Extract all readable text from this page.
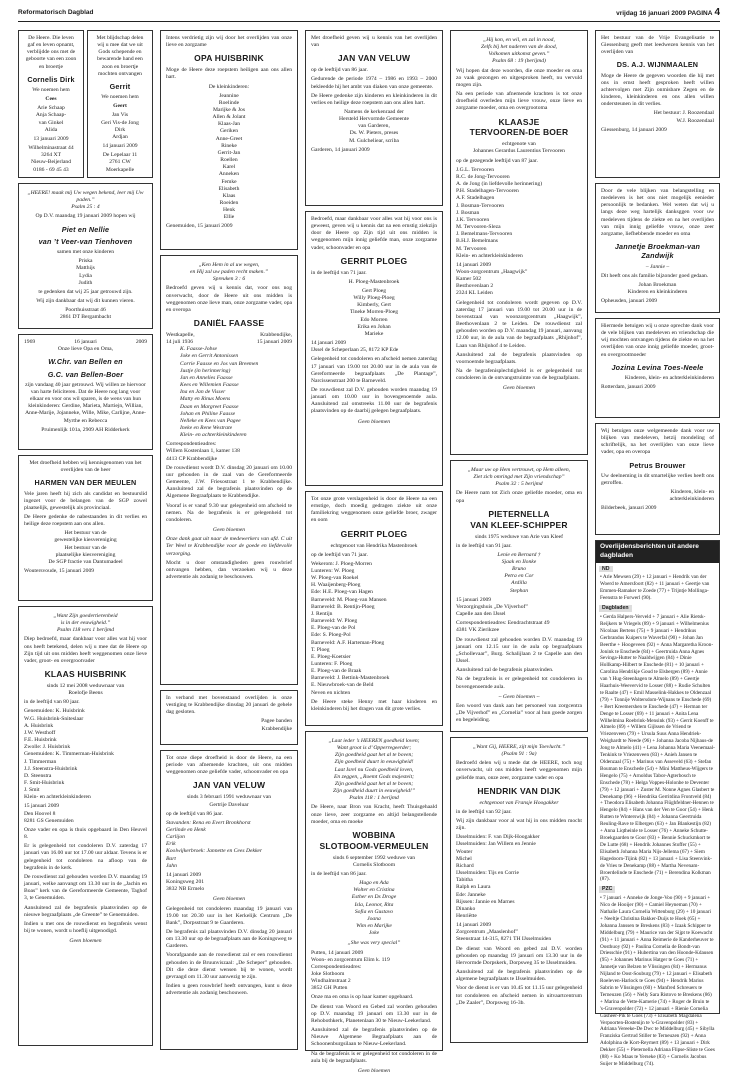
Reformatorisch Dagblad	vrijdag 16 januari 2009 PAGINA 4

De Heere. Die leven gaf en leven opnamt, verblijdde ons met de geboorte van een zoon en broertje

Cornelis Dirk

We noemen hem

Cees

Arie Schaap
Anja Schaap-
van Ginkel
Alida

13 januari 2009

Wilhelminastraat 44
3264 XT
Nieuw-Beijerland
0186 - 69 45 43

Met blijdschap delen wij u mee dat we uit Gods schepende en bewarende hand een zoon en broertje mochten ontvangen

Gerrit

We noemen hem

Geert

Jan Vis
Geri Vis-de Jong
Dirk
Ardjan

14 januari 2009

De Lepelaar 11
2761 CW
Moerkapelle

„HEERE! maak mij Uw wegen bekend, leer mij Uw paden.”
Psalm 25 : 4

Op D.V. maandag 19 januari 2009 hopen wij

Piet en Nellie
van ’t Veer-van Tienhoven

samen met onze kinderen

Priska
Matthijs
Lydia
Judith

te gedenken dat wij 25 jaar getrouwd zijn.

Wij zijn dankbaar dat wij dit kunnen vieren.

Poorthuisstraat 46
2861 DT Bergambacht

1969	16 januari	2009

Onze lieve Opa en Oma,

W.Chr. van Bellen en
G.C. van Bellen-Boer

zijn vandaag 40 jaar getrouwd. Wij willen ze hiervoor van harte feliciteren. Dat de Heere nog lang voor elkaar en voor ons wil sparen, is de wens van hun kleinkinderen: Gerdine, Marieta, Martiejn, Willian, Anne-Marije, Jojanneke, Wille, Mike, Carlijne, Anne-Myrthe en Rebecca

Pruimenlijk 101a, 2909 AH Ridderkerk

Met droefheid hebben wij kennisgenomen van het overlijden van de heer

HARMEN VAN DER MEULEN

Vele jaren heeft hij zich als candidat en bestuurslid ingezet voor de belangen van de SGP zowel plaatselijk, gewestelijk als provinciaal.

De Heere gedenke de nabestaanden in dit verlies en heilige deze roepstem aan ons allen.

Het bestuur van de
gewestelijke kiesvereniging
Het bestuur van de
plaatselijke kiesvereniging
De SGP fractie van Dantumadeel

Woutersvoude, 15 januari 2009

„Want Zijn goedertierenheid
is in der eeuwigheid.”
Psalm 118 vers 1 berijmd

Diep bedroefd, maar dankbaar voor alles wat hij voor ons heeft betekend, delen wij u mee dat de Heere op Zijn tijd uit ons midden heeft weggenomen onze lieve vader, groot- en overgrootvader

KLAAS HUISBRINK

sinds 12 mei 2008 weduwnaar van
Roelofje Beens

in de leeftijd van 80 jaar.

Genemuiden: K. Huisbrink
W.G. Huisbrink-Sniteslaar
A. Huisbrink
J.W. Westhoff
F.E. Huisbrink
Zwolle: J. Huisbrink
Genemuiden: K. Timmerman-Huisbrink
J. Timmerman
J.J. Steenstra-Huisbrink
D. Steenstra
F. Smit-Huisbrink
J. Smit
Klein- en achterkleinkinderen

15 januari 2009
Den Hoovel 8
8281 GS Genemuiden

Onze vader en opa is thuis opgebaard in Den Heuvel 8.

Er is gelegenheid tot condoleren D.V. zaterdag 17 januari van 16.00 uur tot 17.00 uur aldaar. Tevens is er gelegenheid tot condoleren na afloop van de begrafenis in de kerk.

De rouwdienst zal gehouden worden D.V. maandag 19 januari, welke aanvangt om 13.30 uur in de „Jachin en Boas” kerk van de Gereformeerde Gemeente, Taghof 3, te Genemuiden.

Aansluitend zal de begrafenis plaatsvinden op de nieuwe begraafplaats „de Greente” te Genemuiden.

Indien u met ons de rouwdienst en begrafenis wenst bij te wonen, wordt u hoeflij uitgenodigd.

Geen bloemen

Intens verdrietig zijn wij door het overlijden van onze lieve en zorgzame

OPA HUISBRINK

Moge de Heere deze roepstem heiligen aan ons allen hart.

De kleinkinderen:

Jeannine
Roelinde
Marijke & Jos
Allen & Jolant
Klaas-Jan
Geriken
Anne-Greet
Rineke
Gerrit-Jan
Roellen
Karel
Anneken
Femke
Elisabeth
Klaas
Roeiden
Henk
Ellie

Genemuiden, 15 januari 2009

„Ken Hem in al uw wegen,
en Hij zal uw paden recht maken.”
Spreuken 3 : 6

Bedroefd geven wij u kennis dat, voor ons nog onverwacht, door de Heere uit ons midden is weggenomen onze lieve man, onze zorgzame vader, opa en overopa

DANIËL FAASSE
Westkapelle,
14 juli 1936
Krabbendijke,
15 januari 2009

K. Faasse-Jobse
Joke en Gerrit Antonissen
Corrie Faasse en Jos van Breemen
Justje (in herinnering)
Jan en Annelies Faasse
Kees en Willemien Faasse
Ina en Jan de Visser
Matty en Rinus Moens
Daan en Margreet Faasse
Johan en Philine Faasse
Nelleke en Kees van Pagee
Ineke en Rene Westrate
Klein- en achterkleinkinderen

Correspondentieadres:
Willem Kostenlaan 1, kamer 138
4413 CP Krabbendijke

De rouwdienst wordt D.V. dinsdag 20 januari om 10.00 uur gehouden in de zaal van de Gereformeerde Gemeente, J.W. Friesostraat 1 te Krabbendijke. Aansluitend zal de begrafenis plaatsvinden op de Algemene Begraafplaats te Krabbendijke.

Vooraf is er vanaf 9.30 uur gelegenheid om afscheid te nemen. Na de begrafenis is er gelegenheid tot condoleren.

Geen bloemen

Onze dank gaat uit naar de medewerkers van afd. C uit Ter Weel te Krabbendijke voor de goede en liefdevolle verzorging.

Mocht u door omstandigheden geen rouwbrief ontvangen hebben, dan verzoeken wij u deze advertentie als zodanig te beschouwen.

In verband met bovenstaand overlijden is onze vestiging te Krabbendijke dinsdag 20 januari de gehele dag gesloten.

Pagee banden
Krabbendijke

Tot onze diepe droefheid is door de Heere, na een periode van afnemende krachten, uit ons midden weggenomen onze geliefde vader, schoonvader en opa

JAN VAN VELUW

sinds 3 februari 1991 weduwnaar van
Gertrije Daveluar

op de leeftijd van 86 jaar.

Stavanden: Rena en Evert Bronkhorst
Gerlinde en Henk
Carlijon
Erik
Koolwijkerbroek: Jannette en Cees Dekker
Bart
Jahn

14 januari 2009
Koningsweg 201
3832 NB Ermelo

Geen bloemen

Gelegenheid tot condoleren maandag 19 januari van 19.00 tot 20.30 uur in het Kerkelijk Centrum „De Bank”, Dorpsstraat 9 te Gaarderen.

De begrafenis zal plaatsvinden D.V. dinsdag 20 januari om 13.30 uur op de begraafplaats aan de Koningsweg te Garderen.

Voorafgaande aan de rouwdienst zal er een rouwdienst gehouden in de Bruunviszaal: „De Scheper” gehouden. Dit die deze dienst wensen bij te wonen, wordt gevraagd om 11.30 uur aanwezig te zijn.

Indien u geen rouwbrief heeft ontvangen, kunt u deze advertentie als zodanig beschouwen.

Met droefheid geven wij u kennis van het overlijden van

JAN VAN VELUW

op de leeftijd van 86 jaar.

Gedurende de periode 1974 – 1986 en 1993 – 2000 bekleedde hij het ambt van diaken van onze gemeente.

De Heere gedenke zijn kinderen en kleinkinderen in dit verlies en heilige deze roepstem aan ons allen hart.

Namens de kerkenraad der
Hersteld Hervormde Gemeente
van Garderen,
Ds. W. Pieters, preses
M. Gulcheliear, scriba

Garderen, 14 januari 2009

Bedroefd, maar dankbaar voor alles wat hij voor ons is geweest, geven wij u kennis dat na een ernstig ziekzijn door de Heere op Zijn tijd uit ons midden is weggenomen mijn innig geliefde man, onze zorgzame vader, schoonvader en opa

GERRIT PLOEG

in de leeftijd van 71 jaar.

H. Ploeg-Mastenbroek

Gert Ploeg
Willy Ploeg-Ploeg
Kimberly, Gert
Tineke Morren-Ploeg
Edo Morren
Erika en Johan
Marieke

14 januari 2009
IJssel de Scheperlaan 25, 8172 KP Ede

Gelegenheid tot condoleren en afscheid nemen zaterdag 17 januari van 19.00 tot 20.00 uur in de aula van de Gereformeerde begraafplaats „De Plantage”, Narcissenstraat 200 te Barneveld.

De rouwdienst zal D.V. gehouden worden maandag 19 januari om 10.00 uur in bovengenoemde aula. Aansluitend zal omstreeks 11.00 uur de begrafenis plaatsvinden op de daarbij gelegen begraafplaats.

Geen bloemen

Tot onze grote verslagenheid is door de Heere na een ernstige, doch moedig gedragen ziekte uit onze familiekring weggenomen onze geliefde broer, zwager en oom

GERRIT PLOEG

echtgenoot van Hendrika Mastenbroek

op de leeftijd van 71 jaar.

Wekerom: J. Ploeg-Morren
Lunteren: W. Ploeg
W. Ploeg-van Roekel
H. Waaijenberg-Ploeg
Ede: H.E. Ploeg-van Hagen
Barneveld: M. Ploeg-van Mansen
Barneveld: B. Rentijn-Ploeg
J. Rentijn
Barneveld: W. Ploeg
E. Ploeg-van de Pol
Ede: S. Ploeg-Pol
Barneveld: A.F. Harteman-Ploeg
T. Ploeg
E. Ploeg-Koetsier
Lunteren: F. Ploeg
E. Ploeg-van de Braak
Barneveld: J. Bettink-Mastenbroek
E. Nieuwbroek-van de Beld
Neven en nichten

De Heere steke Henny met haar kinderen en kleinkinderen bij het dragen van dit grote verlies.

„Laat ieder ’s HEEREN goedheid loven;
Want groot is d’ Opperregeerder;
Zijn goedheid gaat het al te boven;
Zijn goedheid duurt in eeuwigheid!
Laat Isrel nu Gods goedheid loven,
En zeggen, „Roemt Gods majesteit;
Zijn goedheid gaat het al te boven;
Zijn goedheid duurt in eeuwigheid!”
Psalm 118 : 1 berijmd

De Heere, naar Bron van Kracht, heeft Thuisgehaald onze lieve, zeer zorgzame en altijd belangstellende moeder, oma en moeke

WOBBINA
SLOTBOOM-VERMEULEN

sinds 6 september 1992 weduwe van
Cornelis Slotboom

in de leeftijd van 86 jaar.

Hugo en Ada
Wolter en Cristina
Esther en Ds Droge
Isla, Leonor, Rita
Sofia en Gustavo
Joana
Wim en Marijke
Joke

„She was very special”

Putten, 14 januari 2009
Woon- en zorgcentrum Elim k. 119
Correspondentieadres:
Joke Slotboom
Windhalmstraat 2
3852 GH Putten

Onze ma en oma is op haar kamer opgebaard.

De dienst van Woord en Gebed zal worden gehouden op D.V. maandag 19 januari om 13.30 uur in de Rehobothkerk, Planetenlaan 30 te Nieuw-Leekerland.

Aansluitend zal de begrafenis plaatsvinden op de Nieuwe Algemene Begraafplaats aan de Schoonenburgsilaan te Nieuw-Leekerland.

Na de begrafenis is er gelegenheid tot condoleren in de aula bij de begraafplaats.

Geen bloemen

„Hij kon, en wil, en zal in nood,
Zelfs bij het naderen van de dood,
Volkomen uitkomst geven.”
Psalm 68 : 19 (berijmd)

Wij hopen dat deze woorden, die onze moeder en oma zo vaak gezongen en uitgesproken heeft, nu vervuld mogen zijn.

Na een periode van afnemende krachten is tot onze droefheid overleden mijn lieve vrouw, onze lieve en zorgzame moeder, oma en overgrootoma

KLAASJE
TERVOOREN-DE BOER

echtgenote van
Johannes Gerardus Laurentius Tervooren

op de gezegende leeftijd van 87 jaar.

J.G.L. Tervooren
R.C. de Jong-Tervooren
A. de Jong (in liefdevolle herinnering)
P.H. Stadelhagen-Tervooren
A.F. Stadelhagen
J. Bosman-Tervooren
J. Bosman
J.K. Tervooren
M. Tervooren-Sleza
J. Bemelmans-Tervooren
B.H.J. Bemelmans
M. Tervooren
Klein- en achterkleinkinderen

14 januari 2009
Woon-zorgcentrum „Haagwijk”
Kamer 502
Besthovenlaan 2
2324 KL Leiden

Gelegenheid tot condoleren wordt gegeven op D.V. zaterdag 17 januari van 19.00 tot 20.00 uur in de bovenstzaal van woonzorgcentrum „Haagwijk”, Beethovenlaan 2 te Leiden. De rouwdienst zal gehouden worden op D.V. maandag 19 januari, aanvang 12.00 uur, in de aula van de begraafplaats „Rhijnhof”, Laan van Rhijnhof 4 te Leiden.

Aansluitend zal de begrafenis plaatsvinden op voornoemde begraafplaats.

Na de begrafenisplechtigheid is er gelegenheid tot condoleren in de ontvangstruimte van de begraafplaats.

Geen bloemen

„Maar uw op Hem vertrouwt, op Hem alleen,
Ziet zich omringd met Zijn vriendschap”
Psalm 32 : 5 berijmd

De Heere nam tot Zich onze geliefde moeder, oma en opa

PIETERNELLA
VAN KLEEF-SCHIPPER

sinds 1975 weduwe van Arie van Kleef

in de leeftijd van 91 jaar.

Lenie en Bernard †
Sjaak en Ilonke
Bruno
Petra en Cor
Ardilla
Stephan

15 januari 2009
Verzorgingshuis „De Vijverhof”
Capelle aan den IJssel

Correspondentieadres: Eendrachtstraat 49
4381 VK Zierikzee

De rouwdienst zal gehouden worden D.V. maandag 19 januari om 12.15 uur in de aula op begraafplaats „Schollevaar”, Burg. Schalijlaan 2 te Capelle aan den IJssel.

Aansluitend zal de begrafenis plaatsvinden.

Na de begrafenis is er gelegenheid tot condoleren in bovengenoemde aula.

~ Geen bloemen ~

Een woord van dank aan het personeel van zorgcentra „De Vijverhof” en „Cornelia” voor al hun goede zorgen en begeleiding.

„Want Gij, HEERE, zijt mijn Toevlucht.”
(Psalm 91 : 9a)

Bedroefd delen wij u mede dat de HEERE, toch nog onverwacht, uit ons midden heeft weggenomen mijn geliefde man, onze zeer, zorgzame vader en opa

HENDRIK VAN DIJK

echtgenoot van Fransje Hoogakker

in de leeftijd van 92 jaar.

Wij zijn dankbaar voor al wat hij in ons midden mocht zijn.

IJsselmuiden: F. van Dijk-Hoogakker
IJsselmuiden: Jan Willem en Jennie
Wouter
Michel
Richard
IJsselmuiden: Tijs en Corrie
Tabitha
Ralph en Laura
Ede: Janneke
Rijssen: Jannie en Marnes
Dinanko
Henriëtte

14 januari 2009
Zorgcentrum „Maaslenhof”
Steenstraat 14-315, 8271 TH IJsselmuiden

De dienst van Woord en gebed zal D.V. worden gehouden op maandag 19 januari om 13.30 uur in de Hervormde Dorpskerk, Dorpsweg 35 te IJsselmuiden.

Aansluitend zal de begrafenis plaatsvinden op de algemene begraafplaats te IJsselmuiden.

Voor de dienst is er van 10.45 tot 11.15 uur gelegenheid tot condoleren en afscheid nemen in uitvaartcentrum „De Zaaler”, Dorpsweg 16-3b.

Het bestuur van de Vrije Evangelisatie te Giessenburg geeft met leedwezen kennis van het overlijden van

DS. A.J. WIJNMAALEN

Moge de Heere de gegeven woorden die hij met ons in ernst heeft gesproken heeft willen achtervolgen met Zijn onmisbare Zegen en de kinderen, kleinkinderen en ons allen willen ondersteunen in dit verlies.

Het bestuur: J. Roozendaal
W.J. Roozendaal

Giessenburg, 14 januari 2009

Door de vele blijken van belangstelling en medeleven is het ons niet mogelijk eenieder persoonlijk te bedanken. Wel weten dat wij u langs deze weg hartelijk danksggen voor uw medeleven tijdens de ziekte en na het overlijden van mijn innig geliefde vrouw, onze zeer zorgzame, liefhebbende moeder en oma

Jannetje Broekman-van Zandwijk

– Jannie –

Dit heeft ons als familie bijzonder goed gedaan.

Johan Broekman
Kinderen en kleinkinderen

Opheusden, januari 2009

Hiermede betuigen wij u onze oprechte dank voor de vele blijken van medeleven en vriendschap die wij mochten ontvangen tijdens de ziekte en na het overlijden van onze innig geliefde moeder, groot- en overgrootmoeder

Jozina Levina Toes-Neele

Kinderen, klein- en achterkleinkinderen

Rotterdam, januari 2009

Wij betuigen onze welgemeende dank voor uw blijken van medeleven, hetzij mondeling of schriftelijk, na het overlijden van onze lieve vader, opa en overopa

Petrus Brouwer

Uw deelneming in dit smartelijke verlies heeft ons getroffen.

Kinderen, klein- en
achterkleinkinderen

Bilderbeek, januari 2009

Overlijdensberichten uit andere dagbladen
ND

• Arie Mewsen (29) + 12 januari + Hendrik van der Woerd te Amersfoort (82) + 11 januari + Geertje van Emmen-Ramaker te Zoede (77) + Trijntje Mollinga-Feenstra te Forwerl (90).

Dagbladen

• Gerda Halpers-Verveld + 7 januari + Alie Rietsk-Reijkers te Vriegels (89) + 9 januari + Wilhelmenius Nicolaas Bertens (75) + 9 januari + Hendrikus Gerbrandus Kuipers te Waverfal (90) + Johan Jan Beerthe + Hoogeveen (92) + Anna Margaretha Kroon-Jonink te Enschede (84) + Geertruida Anna Agnes Sevinga-Hutter te Naaldwijgen (84) + Dinie Hollkamp-Hilbert te Enschede (81) + 10 januari + Carolina Hendrikje Goud te Elsbergen (89) + Annie van 't Hug-Steenhagen te Almelo (89) + Geertje Haarhuis-Weevervid te Losser (88) + Rudie Schulten te Raalte (47) + Emil Masselink-Hakkes te Oldenzaal (79) + Tonnije Woltersdom-Wijnans te Enschede (69) + Bert Kreemershen te Enschede (47) + Herman ter Denge te Losser (69) + 11 januari + Anita Lena Wilhelmina Roebrink-Mensink (93) + Gerrit Koenff te Almelo (69) + Willem Gijlssen de Vriend te Vriezenveen (79) + Ursula Suus Anna Hendriek-Weighardt te Neede (96) + Johanna Jacoba Nijhaus-de Jong te Almelo (41) + Lena Johanna Maria Veenemaal-Tenkink te Vriezenveen (83) + Anieh Jansen te Oldenzaal (75) + Marinus van Asseveld (63) + Stefan Bouman te Enschede (54) + Mini Mattheus-Wijgers te Hengelo (75) + Arnoldus Tabor-Agterbosch te Enschede (78) + Helga Voppes-Holonbe te Deventer (79) + 12 januari + Zuster M. Nonne Agnes Glasbert te Denekamp (96) + Hendrika Gerritdina Frontveld (84) + Theodora Elisabeth Johanna Flüghfeldner-Hennen te Hengelo (84) + Hans van der Ven te Goor (54) + Henk Rutten te Winterswijk (84) + Johanna Geertruida Reuling-Rave te Elbergen (63) + Jan Blankestijn (82) + Anna Liqtheinle te Losser (76) + Anneke Schutte-Broekgaarden te Goor (83) + Bennie Schuckmkort te De Lutte (68) + Hendrik Johannes Stoffer (55) + Elisabeth Johanna Maria Nijs-Jellema (67) + Siem Hagedoorn-Tijink (82) + 13 januari + Lisa Steenvink-de Vries te Denekamp (88) + Martha Nevenam-Broerdelinde te Enschede (71) + Berendina Kolkman (87).

PZC

• 7 januari + Anneke de Jonge-Voo (90) + 9 januari + Nico de Hooijer (90) + Camiel Heyneman (70) + Nathalie Laura Cornelia Wittenburg (29) + 10 januari + Neeltje Christina Bakker-Duijs te Hoek (65) + Johanna Janssen te Breskens (83) + Izaak Schipper te Middelburg (79) + Maurice van der Sijpt te Koewacht (91) + 11 januari + Anna Reimerie de Kanderheuver te Oosthuoy (92) + Paulina Cornelia de Bondt-van Driesschie (91) + Hubertina van den Hoonde-Kdausen (95) + Johannes Marinus Hatger te Goes (71) + Jannetje van Belzen te Vlissingen (84) + Hermanus Nijland te Oost-Souburg (79) + 12 januari + Elisabeth Roeleven-Harlock te Goes (94) + Hendrik Marius Sabrin te Vlissingen (60) + Manfred Schreuers te Terneuzen (56) + Nelly Sara Ristovo te Breskens (86) + Marina de Vette-Kamerie (74) + Roger de Bruin te 's-Gravenpolder (72) + 12 januari + Rienie Cornelia Gasheer-Pik te Goes (73) + Elisabeth Magdalena Verpoorten-Bostenijn te 's-Gravenpolder (83) + Adriana Vereeke-De Dwc te Middelburg (45) + Sibylla Franziska Gertrud Stiller te Terneuzen (92) + Anna Adolphina de Kort-Reymert (89) + 13 januari + Dirk Dekker (55) + Pieternella Adriana Flipse-Sliste te Goes (88) + Ko Maas te Yerseke (83) + Cornelis Jacobus Suijer te Middelburg (74).
